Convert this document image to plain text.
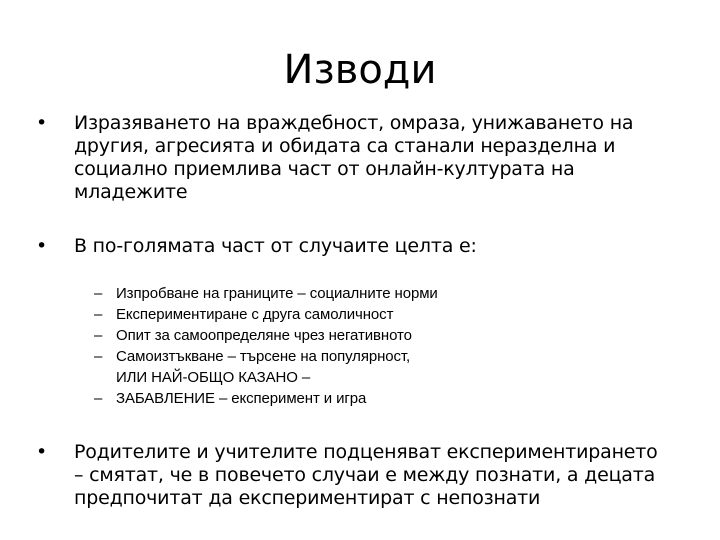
Изводи
•	Изразяването на враждебност, омраза, унижаването на
другия, агресията и обидата са станали неразделна и
социално приемлива част от онлайн-културата на
младежите
•	В по-голямата част от случаите целта е:
– Изпробване на границите – социалните норми
– Експериментиране с друга самоличност
– Опит за самоопределяне чрез негативното
– Самоизтъкване – търсене на популярност,
ИЛИ НАЙ-ОБЩО КАЗАНО –
– ЗАБАВЛЕНИЕ – експеримент и игра
•	Родителите и учителите подценяват експериментирането
– смятат, че в повечето случаи е между познати, а децата
предпочитат да експериментират с непознати
